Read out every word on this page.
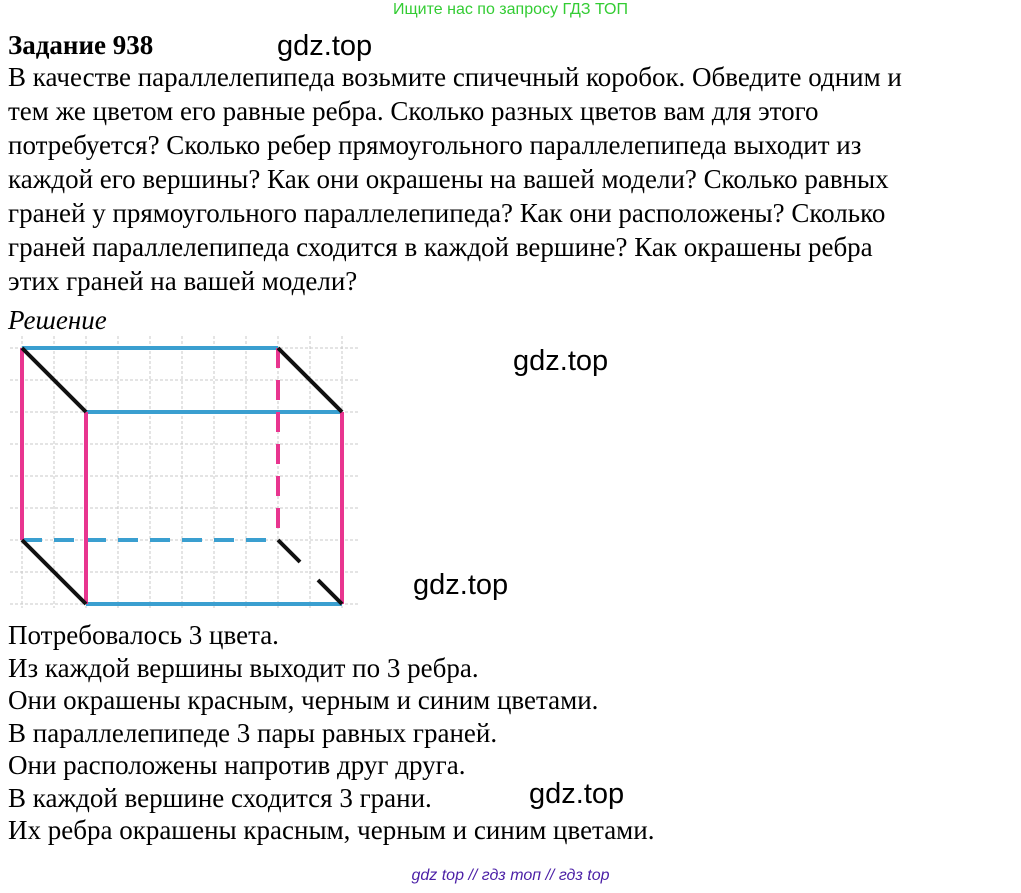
Ищите нас по запросу ГДЗ ТОП
Задание 938	gdz.top
В качестве параллелепипеда возьмите спичечный коробок. Обведите одним и
тем же цветом его равные ребра. Сколько разных цветов вам для этого
потребуется? Сколько ребер прямоугольного параллелепипеда выходит из
каждой его вершины? Как они окрашены на вашей модели? Сколько равных
граней у прямоугольного параллелепипеда? Как они расположены? Сколько
граней параллелепипеда сходится в каждой вершине? Как окрашены ребра
этих граней на вашей модели?
Решение
gdz.top
gdz.top
Потребовалось 3 цвета.
Из каждой вершины выходит по 3 ребра.
Они окрашены красным, черным и синим цветами.
В параллелепипеде 3 пары равных граней.
Они расположены напротив друг друга.
В каждой вершине сходится 3 грани.
Их ребра окрашены красным, черным и синим цветами.
gdz.top
gdz top // гдз топ // гдз top
